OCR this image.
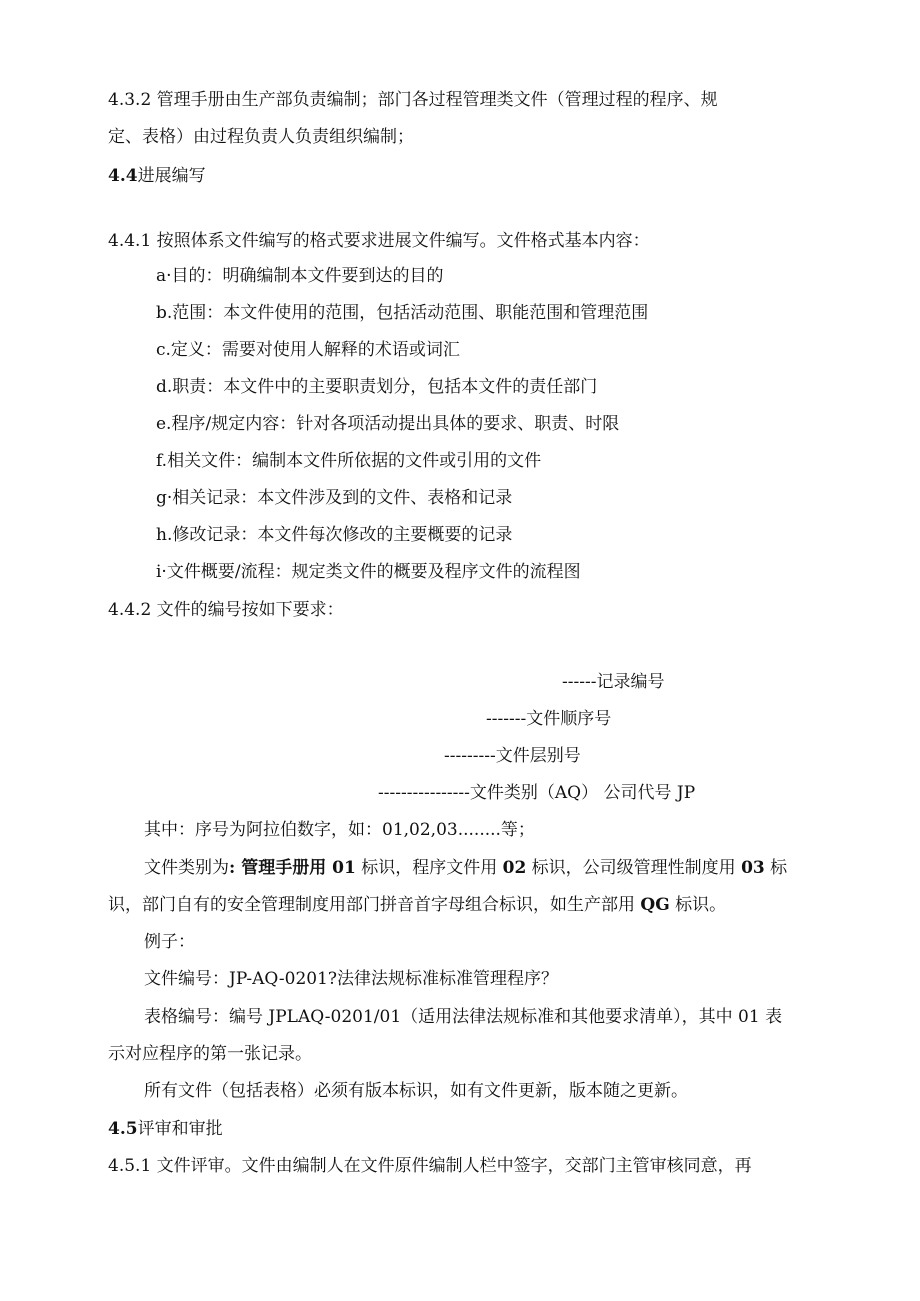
4.3.2 管理手册由生产部负责编制；部门各过程管理类文件（管理过程的程序、规
定、表格）由过程负责人负责组织编制；
4.4进展编写
4.4.1 按照体系文件编写的格式要求进展文件编写。文件格式基本内容：
a·目的：明确编制本文件要到达的目的
b.范围：本文件使用的范围，包括活动范围、职能范围和管理范围
c.定义：需要对使用人解释的术语或词汇
d.职责：本文件中的主要职责划分，包括本文件的责任部门
e.程序/规定内容：针对各项活动提出具体的要求、职责、时限
f.相关文件：编制本文件所依据的文件或引用的文件
g·相关记录：本文件涉及到的文件、表格和记录
h.修改记录：本文件每次修改的主要概要的记录
i·文件概要/流程：规定类文件的概要及程序文件的流程图
4.4.2 文件的编号按如下要求：
------记录编号
-------文件顺序号
---------文件层别号
----------------文件类别（AQ） 公司代号 JP
其中：序号为阿拉伯数字，如：01,02,03........等；
文件类别为: 管理手册用 01 标识，程序文件用 02 标识，公司级管理性制度用 03 标
识，部门自有的安全管理制度用部门拼音首字母组合标识，如生产部用 QG 标识。
例子：
文件编号：JP-AQ-0201?法律法规标准标准管理程序？
表格编号：编号 JPLAQ-0201/01（适用法律法规标准和其他要求清单），其中 01 表
示对应程序的第一张记录。
所有文件（包括表格）必须有版本标识，如有文件更新，版本随之更新。
4.5评审和审批
4.5.1 文件评审。文件由编制人在文件原件编制人栏中签字，交部门主管审核同意，再
